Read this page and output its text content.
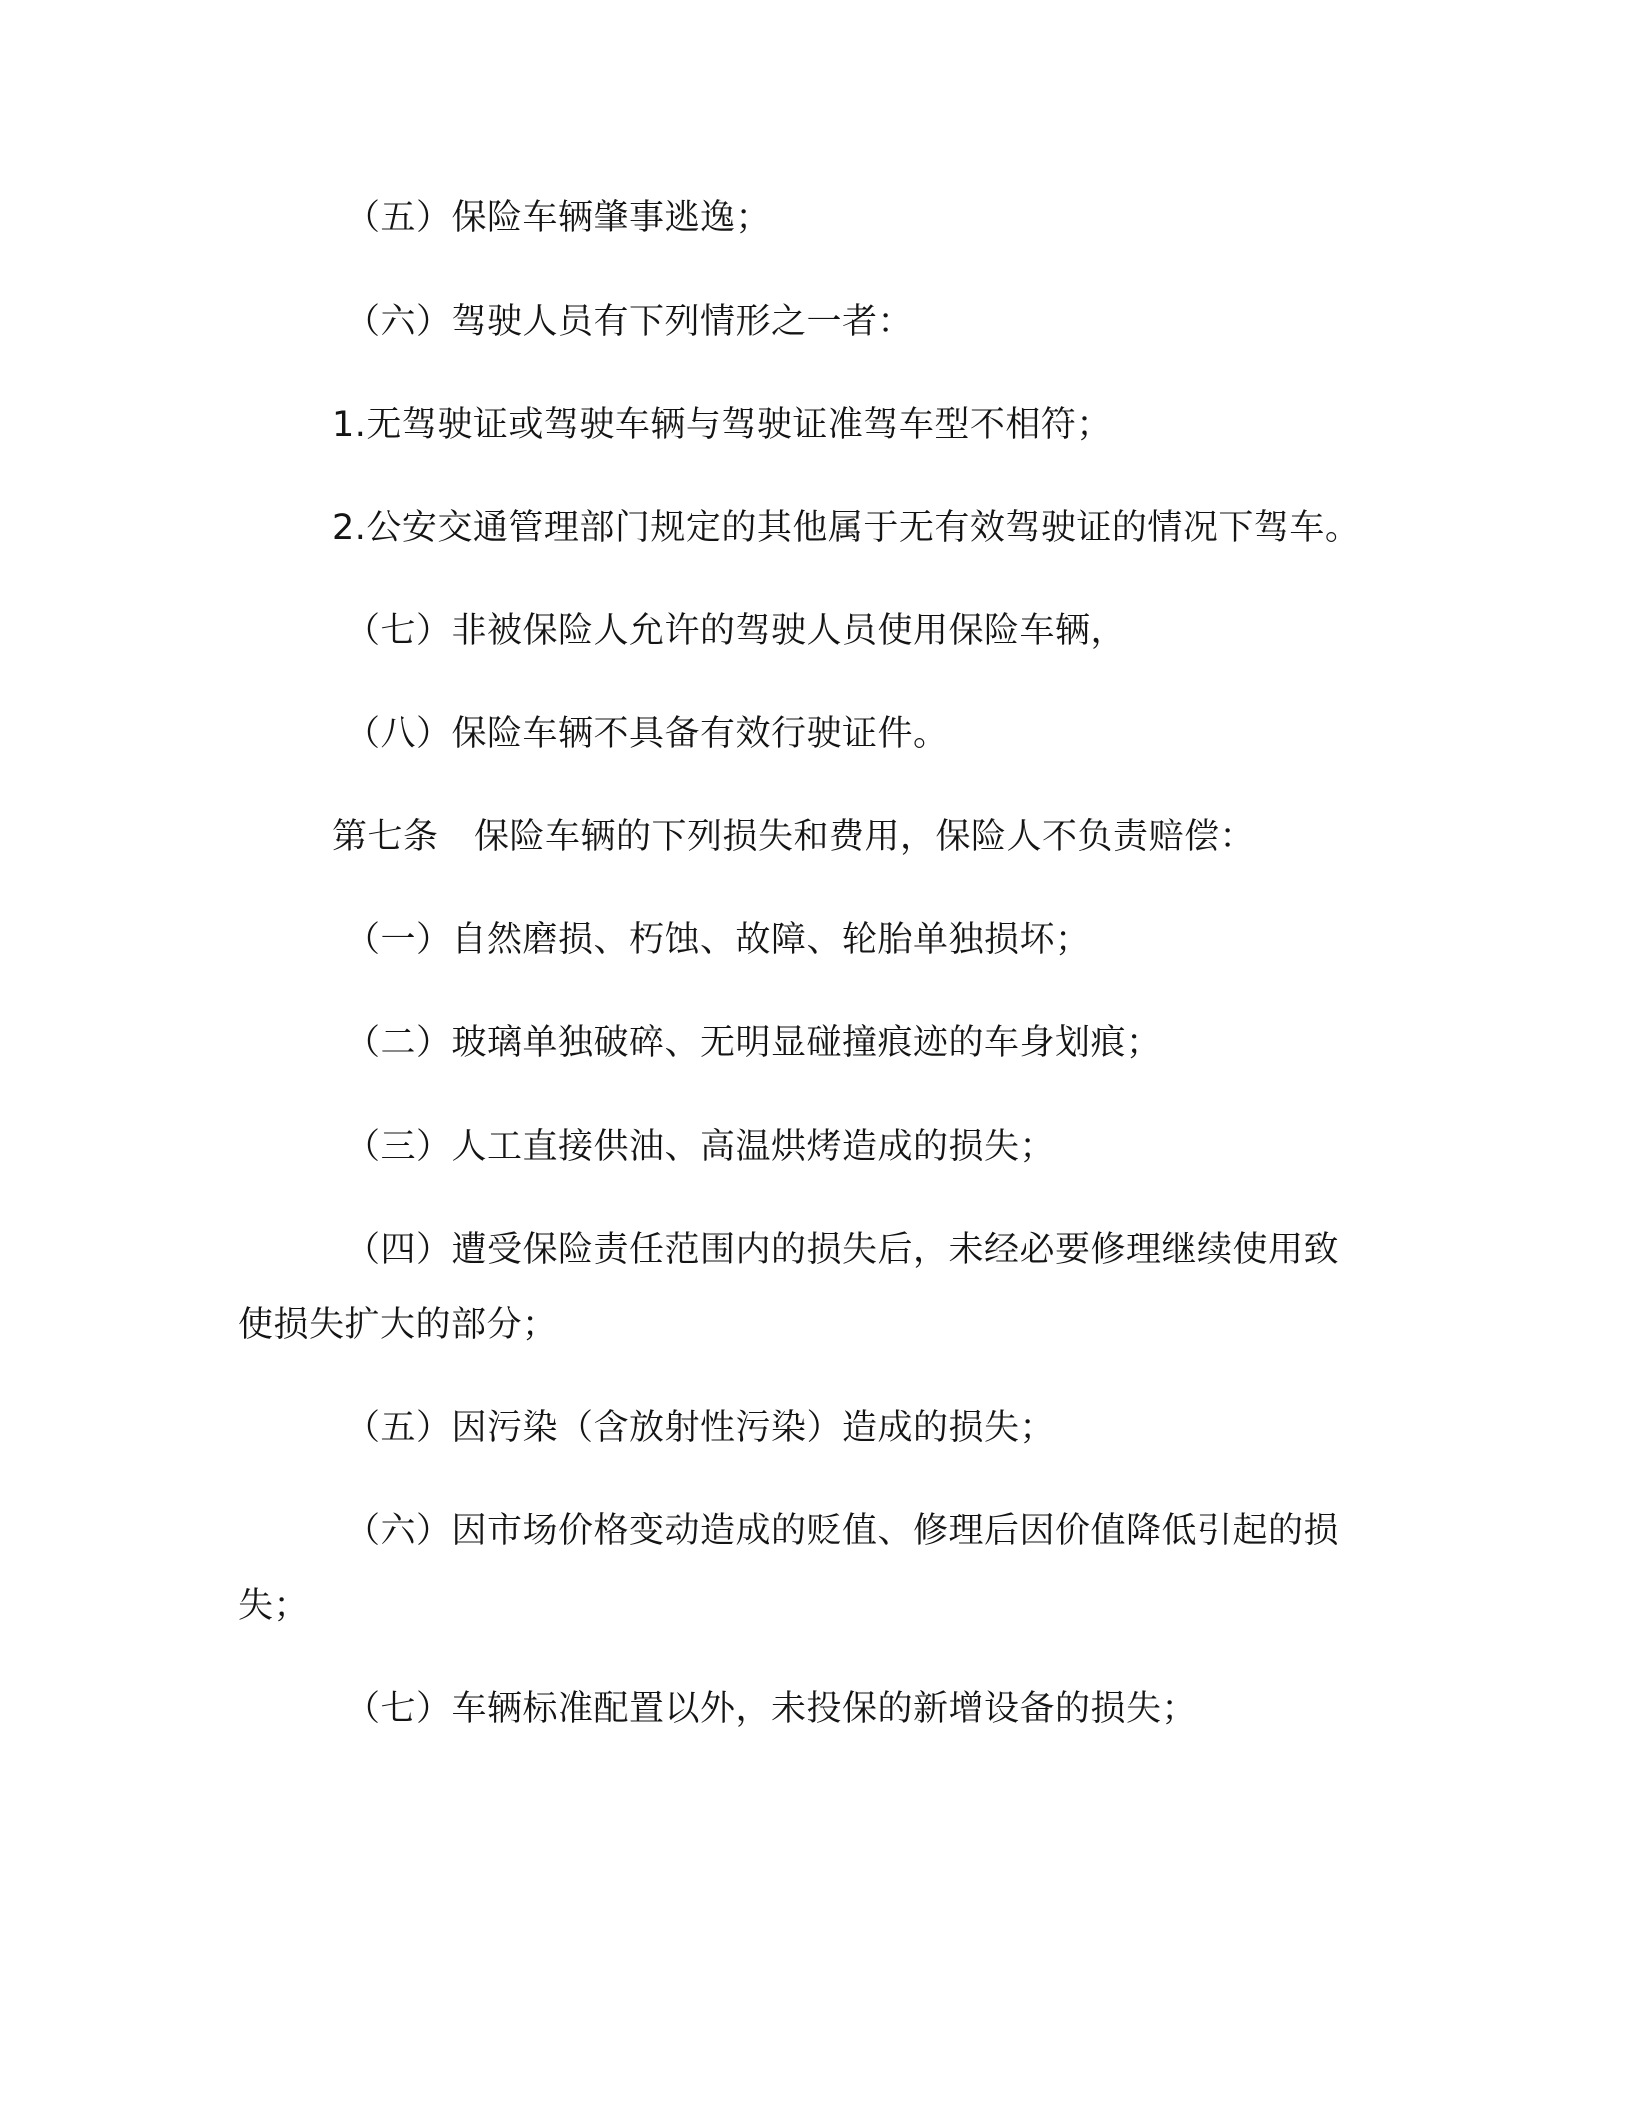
（五）保险车辆肇事逃逸；
（六）驾驶人员有下列情形之一者：
1.无驾驶证或驾驶车辆与驾驶证准驾车型不相符；
2.公安交通管理部门规定的其他属于无有效驾驶证的情况下驾车。
（七）非被保险人允许的驾驶人员使用保险车辆，
（八）保险车辆不具备有效行驶证件。
第七条　保险车辆的下列损失和费用，保险人不负责赔偿：
（一）自然磨损、朽蚀、故障、轮胎单独损坏；
（二）玻璃单独破碎、无明显碰撞痕迹的车身划痕；
（三）人工直接供油、高温烘烤造成的损失；
（四）遭受保险责任范围内的损失后，未经必要修理继续使用致
使损失扩大的部分；
（五）因污染（含放射性污染）造成的损失；
（六）因市场价格变动造成的贬值、修理后因价值降低引起的损
失；
（七）车辆标准配置以外，未投保的新增设备的损失；
